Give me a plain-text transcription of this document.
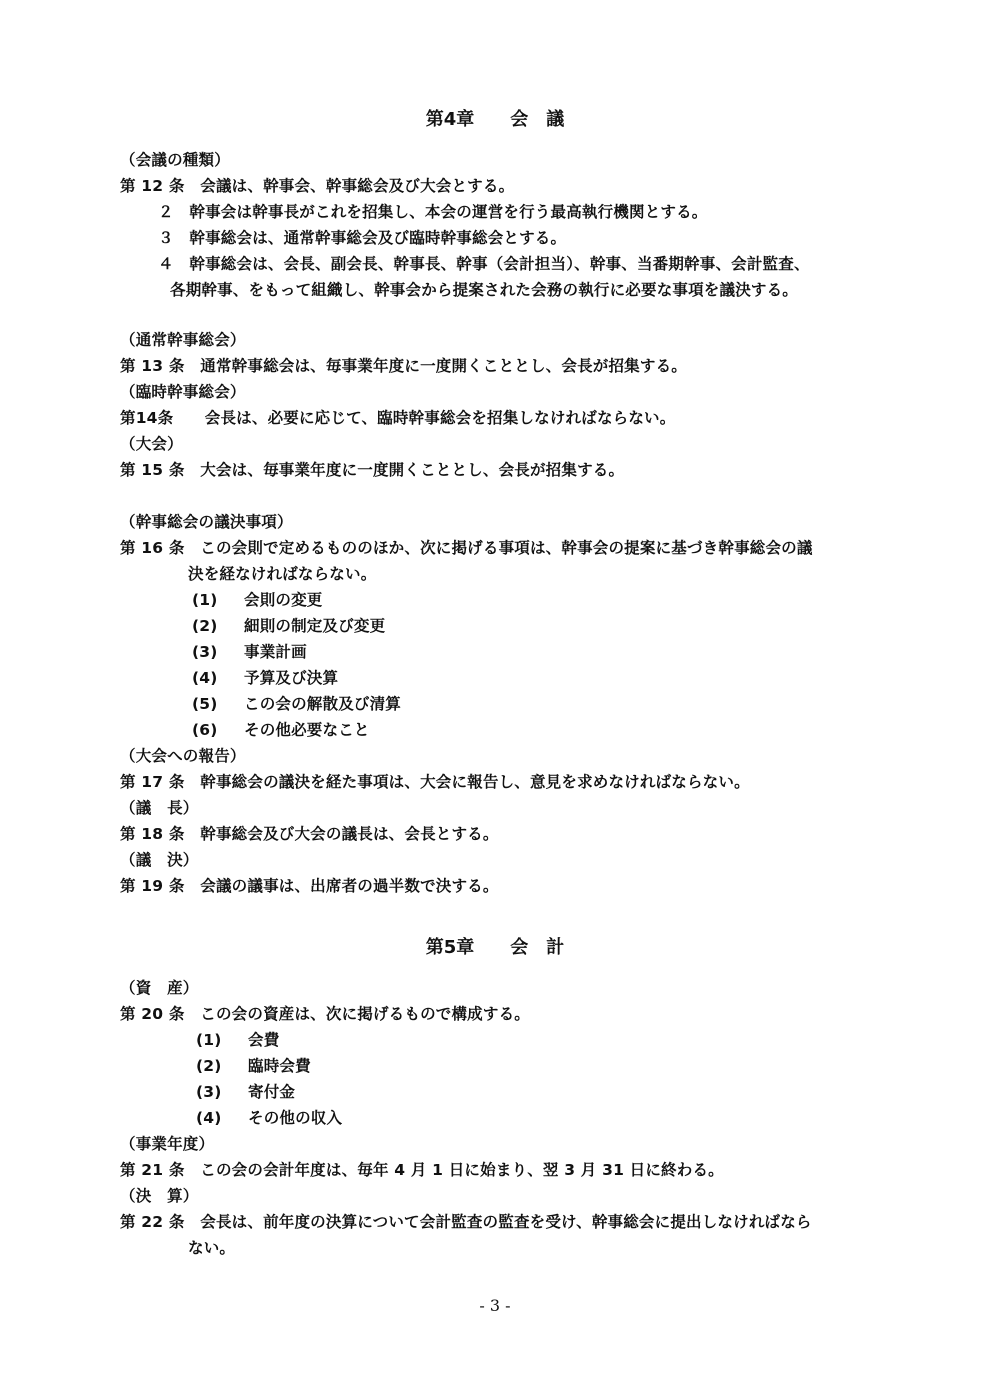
第4章　　会　議
（会議の種類）
第 12 条　会議は、幹事会、幹事総会及び大会とする。
２　幹事会は幹事長がこれを招集し、本会の運営を行う最高執行機関とする。
３　幹事総会は、通常幹事総会及び臨時幹事総会とする。
４　幹事総会は、会長、副会長、幹事長、幹事（会計担当）、幹事、当番期幹事、会計監査、
各期幹事、をもって組織し、幹事会から提案された会務の執行に必要な事項を議決する。
（通常幹事総会）
第 13 条　通常幹事総会は、毎事業年度に一度開くこととし、会長が招集する。
（臨時幹事総会）
第14条　　会長は、必要に応じて、臨時幹事総会を招集しなければならない。
（大会）
第 15 条　大会は、毎事業年度に一度開くこととし、会長が招集する。
（幹事総会の議決事項）
第 16 条　この会則で定めるもののほか、次に掲げる事項は、幹事会の提案に基づき幹事総会の議
決を経なければならない。
(1) 会則の変更
(2) 細則の制定及び変更
(3) 事業計画
(4) 予算及び決算
(5) この会の解散及び清算
(6) その他必要なこと
（大会への報告）
第 17 条　幹事総会の議決を経た事項は、大会に報告し、意見を求めなければならない。
（議　長）
第 18 条　幹事総会及び大会の議長は、会長とする。
（議　決）
第 19 条　会議の議事は、出席者の過半数で決する。
第5章　　会　計
（資　産）
第 20 条　この会の資産は、次に掲げるもので構成する。
(1) 会費
(2) 臨時会費
(3) 寄付金
(4) その他の収入
（事業年度）
第 21 条　この会の会計年度は、毎年 4 月 1 日に始まり、翌 3 月 31 日に終わる。
（決　算）
第 22 条　会長は、前年度の決算について会計監査の監査を受け、幹事総会に提出しなければなら
ない。
- 3 -
